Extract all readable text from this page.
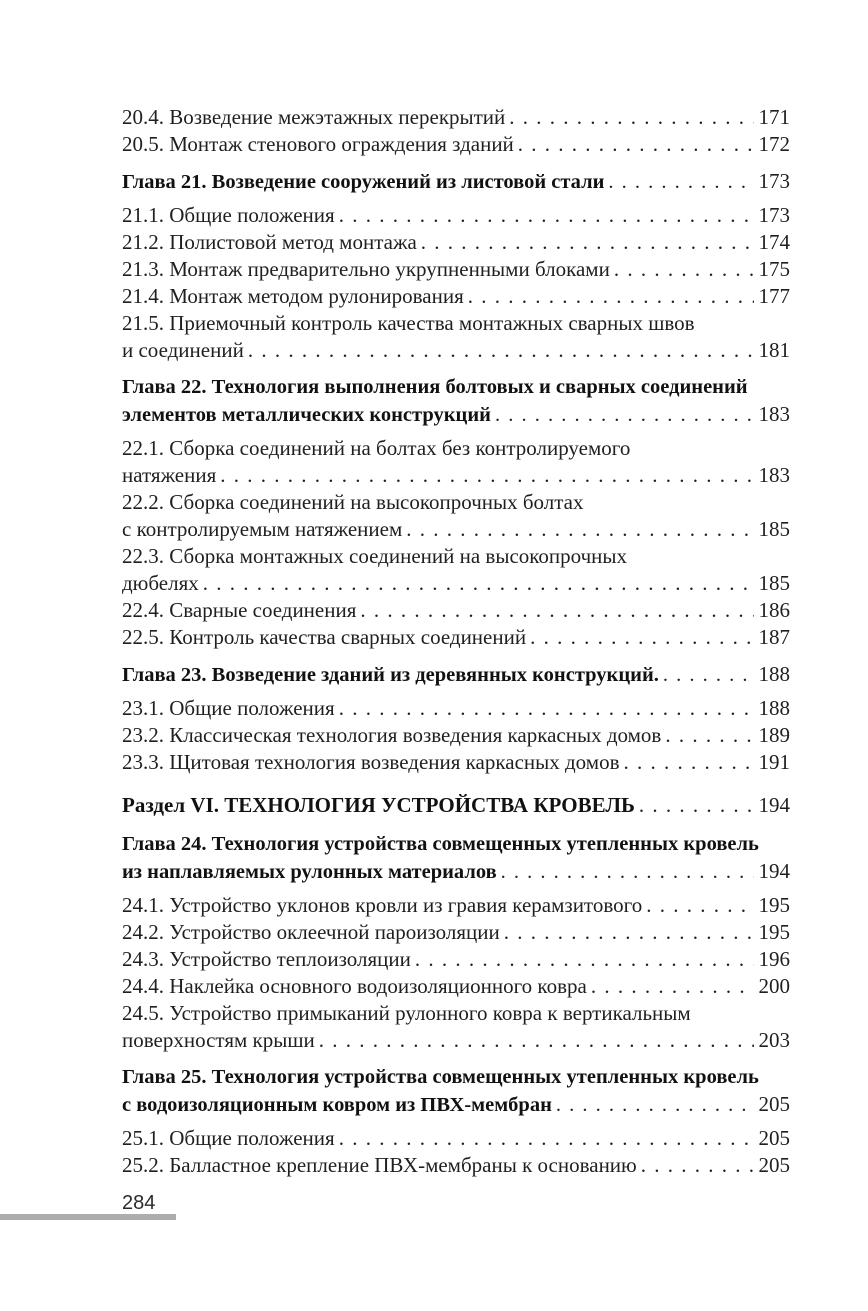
20.4. Возведение межэтажных перекрытий . . .	171
20.5. Монтаж стенового ограждения зданий . . .	172
Глава 21. Возведение сооружений из листовой стали . . .	173
21.1. Общие положения . . .	173
21.2. Полистовой метод монтажа . . .	174
21.3. Монтаж предварительно укрупненными блоками . . .	175
21.4. Монтаж методом рулонирования . . .	177
21.5. Приемочный контроль качества монтажных сварных швов
и соединений . . .	181
Глава 22. Технология выполнения болтовых и сварных соединений
элементов металлических конструкций . . .	183
22.1. Сборка соединений на болтах без контролируемого
натяжения . . .	183
22.2. Сборка соединений на высокопрочных болтах
с контролируемым натяжением . . .	185
22.3. Сборка монтажных соединений на высокопрочных
дюбелях . . .	185
22.4. Сварные соединения . . .	186
22.5. Контроль качества сварных соединений . . .	187
Глава 23. Возведение зданий из деревянных конструкций. . . .	188
23.1. Общие положения . . .	188
23.2. Классическая технология возведения каркасных домов . . .	189
23.3. Щитовая технология возведения каркасных домов . . .	191
Раздел VI. ТЕХНОЛОГИЯ УСТРОЙСТВА КРОВЕЛЬ . . .	194
Глава 24. Технология устройства совмещенных утепленных кровель
из наплавляемых рулонных материалов . . .	194
24.1. Устройство уклонов кровли из гравия керамзитового . . .	195
24.2. Устройство оклеечной пароизоляции . . .	195
24.3. Устройство теплоизоляции . . .	196
24.4. Наклейка основного водоизоляционного ковра . . .	200
24.5. Устройство примыканий рулонного ковра к вертикальным
поверхностям крыши . . .	203
Глава 25. Технология устройства совмещенных утепленных кровель
с водоизоляционным ковром из ПВХ-мембран . . .	205
25.1. Общие положения . . .	205
25.2. Балластное крепление ПВХ-мембраны к основанию . . .	205
284
